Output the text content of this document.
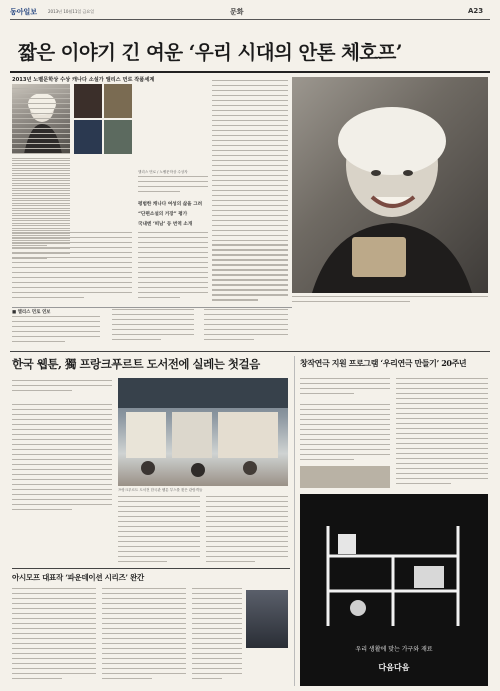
동아일보	2013년 10월11일 금요일	문화	A23
짧은 이야기 긴 여운 ‘우리 시대의 안톤 체호프’
2013년 노벨문학상 수상 캐나다 소설가 앨리스 먼로 작품세계
앨리스 먼로 / 노벨문학상 수상자
평범한 캐나다 여성의 삶을 그려
“단편소설의 거장” 평가
국내엔 ‘떠남’ 등 번역 소개
■ 앨리스 먼로 연보
한국 웹툰, 獨 프랑크푸르트 도서전에 실레는 첫걸음
프랑크푸르트 도서전 한국관 웹툰 부스를 찾은 관람객들
창작연극 지원 프로그램 ‘우리연극 만들기’ 20주년
우리 생활에 맞는 가구와 재료
다음다음
아시모프 대표작 ‘파운데이션 시리즈’ 완간
